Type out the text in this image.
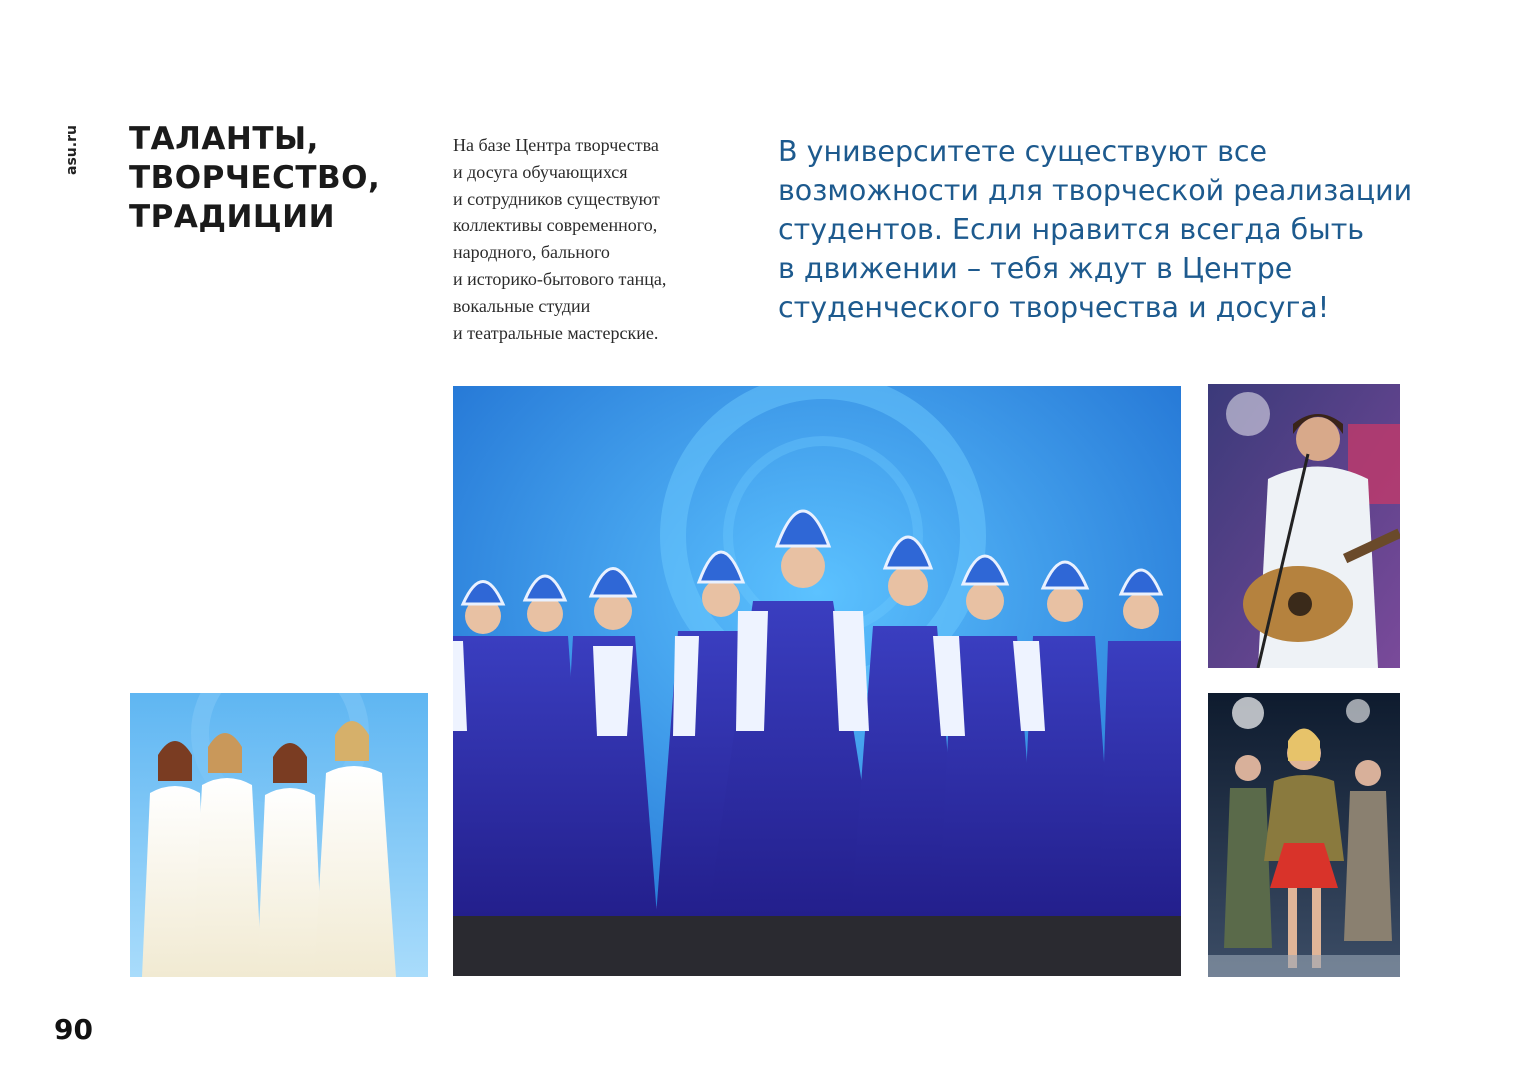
asu.ru ТАЛАНТЫ,
ТВОРЧЕСТВО,
ТРАДИЦИИ
На базе Центра творчества
и досуга обучающихся
и сотрудников существуют
коллективы современного,
народного, бального
и историко-бытового танца,
вокальные студии
и театральные мастерские.
В университете существуют все
возможности для творческой реализации
студентов. Если нравится всегда быть
в движении – тебя ждут в Центре
студенческого творчества и досуга!
90
